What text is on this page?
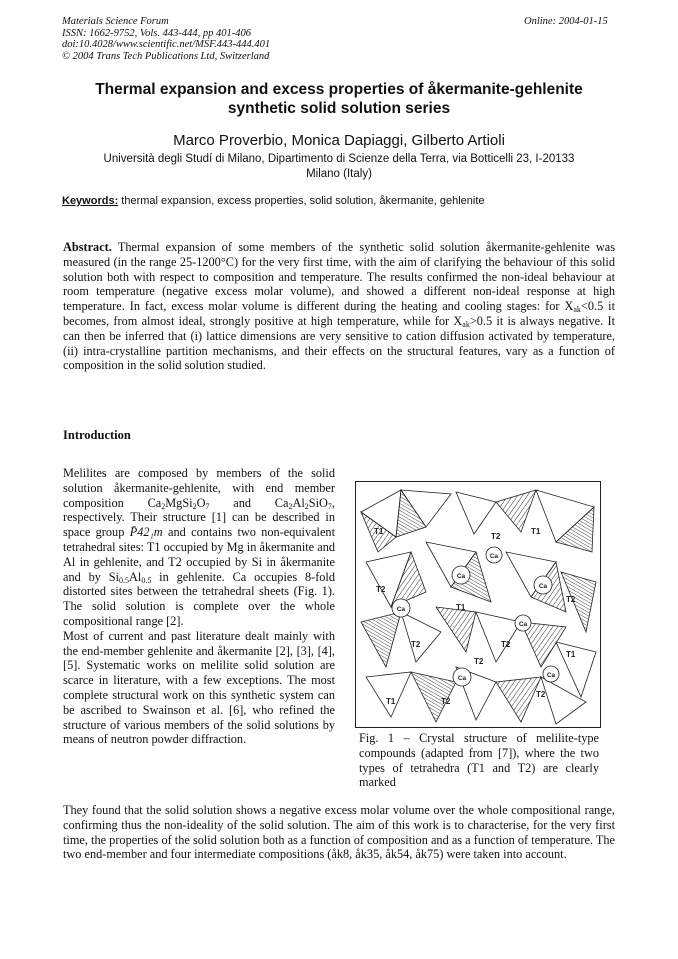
Materials Science Forum
ISSN: 1662-9752, Vols. 443-444, pp 401-406
doi:10.4028/www.scientific.net/MSF.443-444.401
© 2004 Trans Tech Publications Ltd, Switzerland
Online: 2004-01-15
Thermal expansion and excess properties of åkermanite-gehlenite synthetic solid solution series
Marco Proverbio, Monica Dapiaggi, Gilberto Artioli
Università degli Studí di Milano, Dipartimento di Scienze della Terra, via Botticelli 23, I-20133
Milano (Italy)
Keywords: thermal expansion, excess properties, solid solution, åkermanite, gehlenite
Abstract. Thermal expansion of some members of the synthetic solid solution åkermanite-gehlenite was measured (in the range 25-1200°C) for the very first time, with the aim of clarifying the behaviour of this solid solution both with respect to composition and temperature. The results confirmed the non-ideal behaviour at room temperature (negative excess molar volume), and showed a different non-ideal response at high temperature. In fact, excess molar volume is different during the heating and cooling stages: for $X_{ak}<0.5$ it becomes, from almost ideal, strongly positive at high temperature, while for $X_{ak}>0.5$ it is always negative. It can then be inferred that (i) lattice dimensions are very sensitive to cation diffusion activated by temperature, (ii) intra-crystalline partition mechanisms, and their effects on the structural features, vary as a function of composition in the solid solution studied.
Introduction

Melilites are composed by members of the solid solution åkermanite-gehlenite, with end member composition $Ca_2MgSi_2O_7$ and $Ca_2Al_2SiO_7$, respectively. Their structure [1] can be described in space group P̄42₁m and contains two non-equivalent tetrahedral sites: T1 occupied by Mg in åkermanite and Al in gehlenite, and T2 occupied by Si in åkermanite and by $Si_{0.5}Al_{0.5}$ in gehlenite. Ca occupies 8-fold distorted sites between the tetrahedral sheets (Fig. 1). The solid solution is complete over the whole compositional range [2].

Most of current and past literature dealt mainly with the end-member gehlenite and åkermanite [2], [3], [4], [5]. Systematic works on melilite solid solution are scarce in literature, with a few exceptions. The most complete structural work on this synthetic system can be ascribed to Swainson et al. [6], who refined the structure of various members of the solid solutions by means of neutron powder diffraction.

They found that the solid solution shows a negative excess molar volume over the whole compositional range, confirming thus the non-ideality of the solid solution. The aim of this work is to characterise, for the very first time, the properties of the solid solution both as a function of composition and as a function of temperature. The two end-member and four intermediate compositions (åk8, åk35, åk54, åk75) were taken into account.
T1	T1
T2
T2
T1
T2
T2	T2
T1
T1
T2
T2
T2
Ca
Ca
Ca
Ca
Ca
Ca
Ca
Fig. 1 – Crystal structure of melilite-type compounds (adapted from [7]), where the two types of tetrahedra (T1 and T2) are clearly marked
